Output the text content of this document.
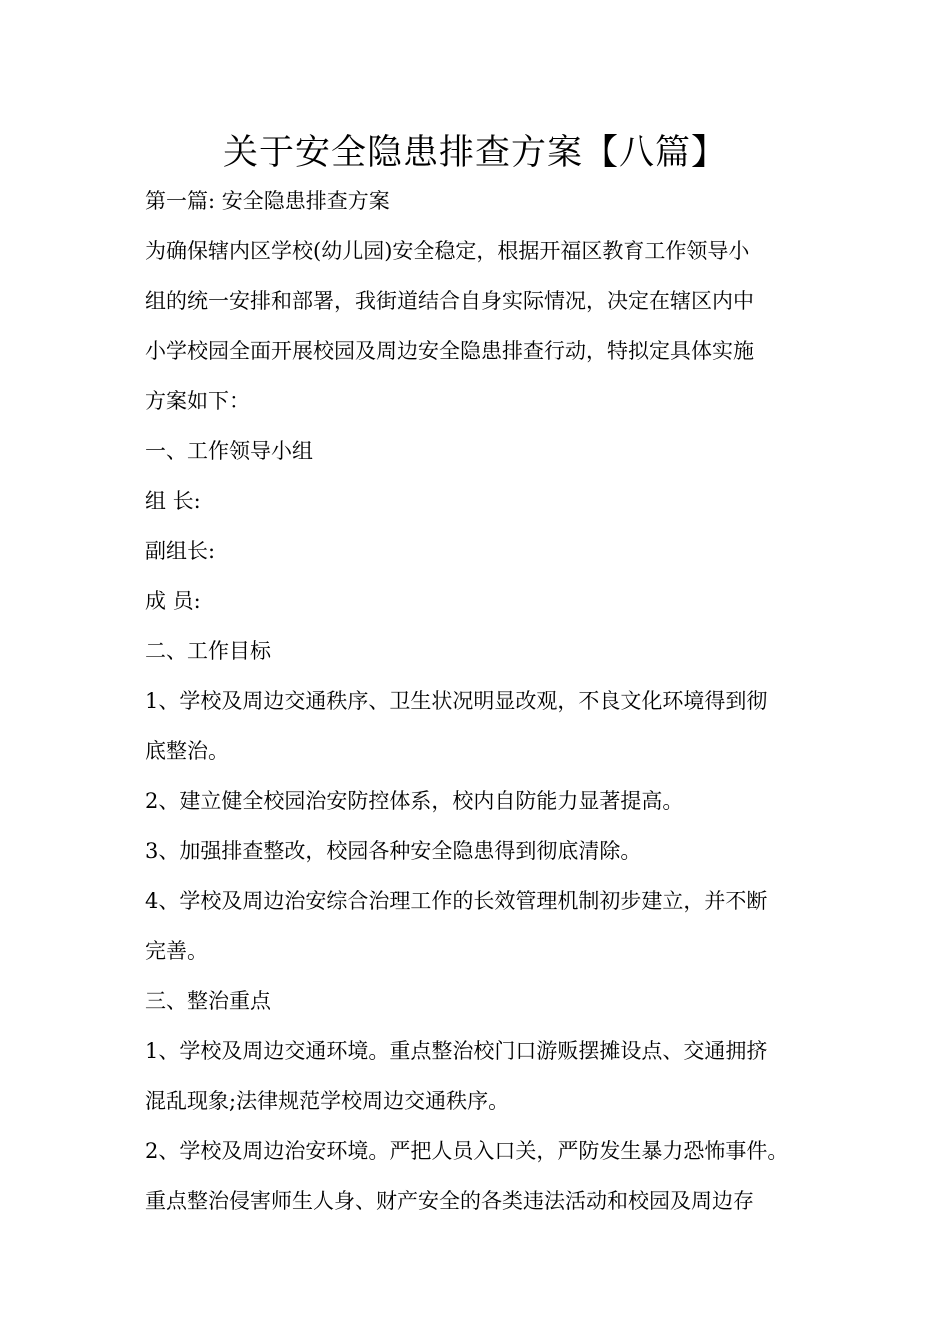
关于安全隐患排查方案【八篇】
第一篇: 安全隐患排查方案
为确保辖内区学校(幼儿园)安全稳定，根据开福区教育工作领导小
组的统一安排和部署，我街道结合自身实际情况，决定在辖区内中
小学校园全面开展校园及周边安全隐患排查行动，特拟定具体实施
方案如下：
一、工作领导小组
组 长:
副组长:
成 员:
二、工作目标
1、学校及周边交通秩序、卫生状况明显改观，不良文化环境得到彻
底整治。
2、建立健全校园治安防控体系，校内自防能力显著提高。
3、加强排查整改，校园各种安全隐患得到彻底清除。
4、学校及周边治安综合治理工作的长效管理机制初步建立，并不断
完善。
三、整治重点
1、学校及周边交通环境。重点整治校门口游贩摆摊设点、交通拥挤
混乱现象;法律规范学校周边交通秩序。
2、学校及周边治安环境。严把人员入口关，严防发生暴力恐怖事件。
重点整治侵害师生人身、财产安全的各类违法活动和校园及周边存
